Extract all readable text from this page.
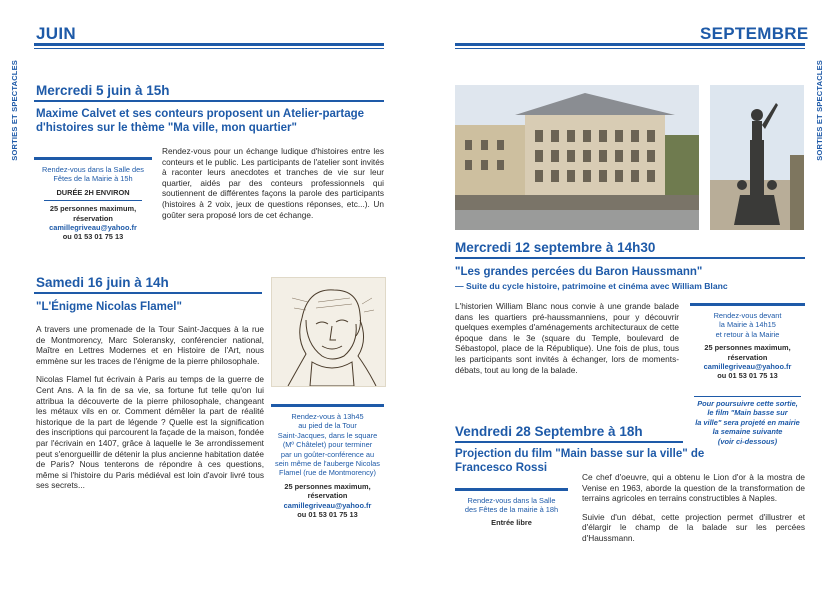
SORTIES ET SPECTACLES	SORTIES ET SPECTACLES
JUIN
Mercredi 5 juin à 15h
Maxime Calvet et ses conteurs proposent un Atelier-partage d'histoires sur le thème "Ma ville, mon quartier"
Rendez-vous dans la Salle des
Fêtes de la Mairie à 15h
DURÉE 2H ENVIRON
25 personnes maximum,
réservation
camillegriveau@yahoo.fr
ou 01 53 01 75 13

Rendez-vous pour un échange ludique d'histoires entre les conteurs et le public. Les participants de l'atelier sont invités à raconter leurs anecdotes et tranches de vie sur leur quartier, aidés par des conteurs professionnels qui soutiennent de différentes façons la parole des participants (histoires à 2 voix, jeux de questions réponses, etc...). Un goûter sera proposé lors de cet échange.

Samedi 16 juin à 14h
"L'Énigme Nicolas Flamel"

A travers une promenade de la Tour Saint-Jacques à la rue de Montmorency, Marc Soleransky, conférencier national, Maître en Lettres Modernes et en Histoire de l'Art, nous emmène sur les traces de l'énigme de la pierre philosophale.

Nicolas Flamel fut écrivain à Paris au temps de la guerre de Cent Ans. A la fin de sa vie, sa fortune fut telle qu'on lui attribua la découverte de la pierre philosophale, changeant les métaux vils en or. Comment démêler la part de réalité historique de la part de légende ? Quelle est la signification des inscriptions qui parcourent la façade de la maison, fondée par l'écrivain en 1407, grâce à laquelle le 3e arrondissement peut s'enorgueillir de détenir la plus ancienne habitation datée de Paris? Nous tenterons de répondre à ces questions, même si l'histoire du Paris médiéval est loin d'avoir livré tous ses secrets...

Rendez-vous à 13h45
au pied de la Tour
Saint-Jacques, dans le square
(Mº Châtelet) pour terminer
par un goûter-conférence au
sein même de l'auberge Nicolas
Flamel (rue de Montmorency)
25 personnes maximum,
réservation
camillegriveau@yahoo.fr
ou 01 53 01 75 13
SEPTEMBRE
Mercredi 12 septembre à 14h30
"Les grandes percées du Baron Haussmann"
— Suite du cycle histoire, patrimoine et cinéma avec William Blanc

L'historien William Blanc nous convie à une grande balade dans les quartiers pré-haussmanniens, pour y découvrir quelques exemples d'aménagements architecturaux de cette époque dans le 3e (square du Temple, boulevard de Sébastopol, place de la République). Une fois de plus, tous les participants sont invités à échanger, lors de moments-débats, tout au long de la balade.

Rendez-vous devant
la Mairie à 14h15
et retour à la Mairie
25 personnes maximum,
réservation
camillegriveau@yahoo.fr
ou 01 53 01 75 13
Pour poursuivre cette sortie,
le film "Main basse sur
la ville" sera projeté en mairie
la semaine suivante
(voir ci-dessous)
Vendredi 28 Septembre à 18h
Projection du film "Main basse sur la ville" de Francesco Rossi
Rendez-vous dans la Salle
des Fêtes de la mairie à 18h
Entrée libre

Ce chef d'oeuvre, qui a obtenu le Lion d'or à la mostra de Venise en 1963, aborde la question de la transformation de terrains agricoles en terrains constructibles à Naples.

Suivie d'un débat, cette projection permet d'illustrer et d'élargir le champ de la balade sur les percées d'Haussmann.
